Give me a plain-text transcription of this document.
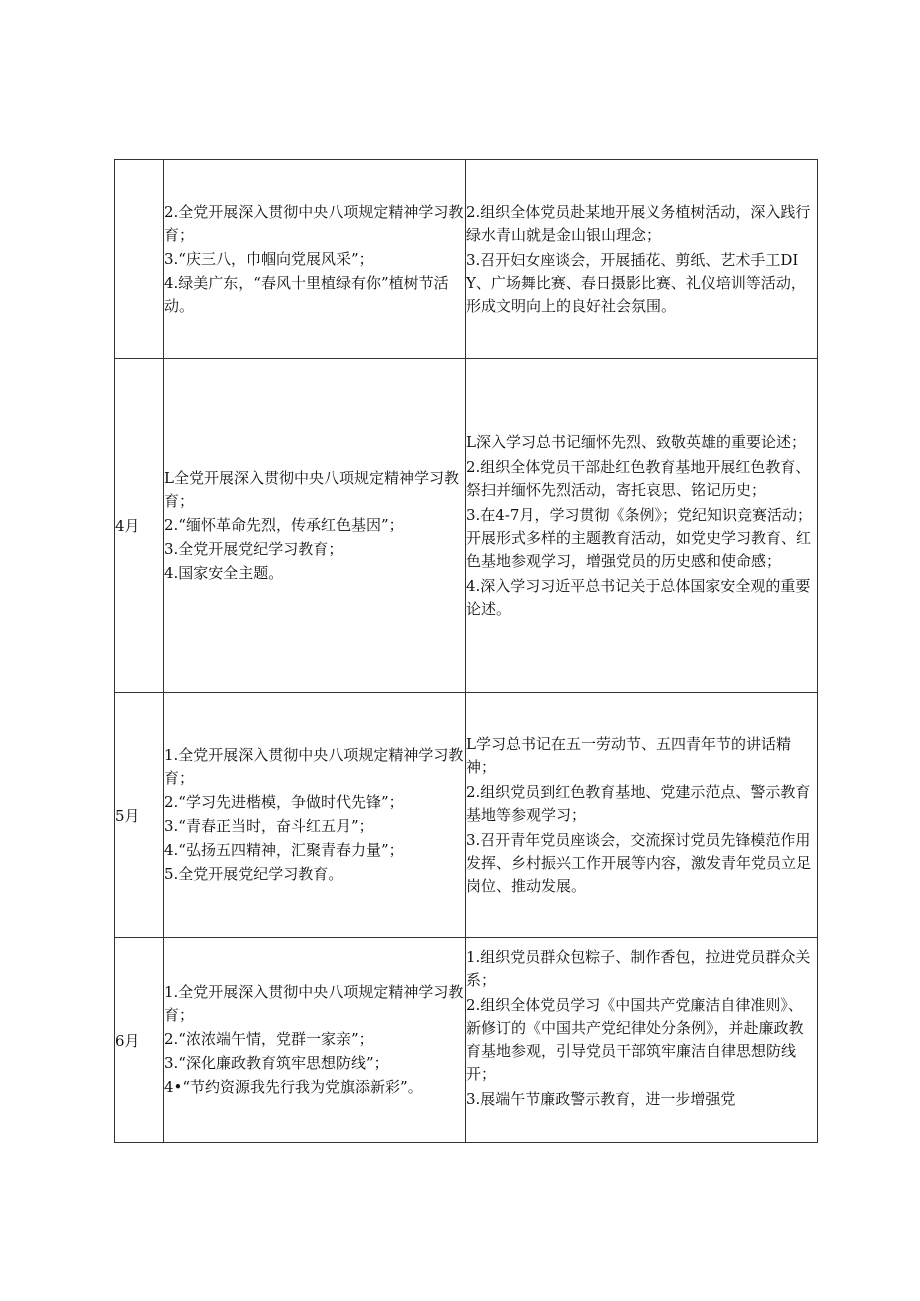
	2.全党开展深入贯彻中央八项规定精神学习教育；
3.“庆三八，巾帼向党展风采”；
4.绿美广东，“春风十里植绿有你”植树节活动。	2.组织全体党员赴某地开展义务植树活动，深入践行绿水青山就是金山银山理念；
3.召开妇女座谈会，开展插花、剪纸、艺术手工DIY、广场舞比赛、春日摄影比赛、礼仪培训等活动，形成文明向上的良好社会氛围。

4月	L全党开展深入贯彻中央八项规定精神学习教育；
2.“缅怀革命先烈，传承红色基因”；
3.全党开展党纪学习教育；
4.国家安全主题。	L深入学习总书记缅怀先烈、致敬英雄的重要论述；
2.组织全体党员干部赴红色教育基地开展红色教育、祭扫并缅怀先烈活动，寄托哀思、铭记历史；
3.在4-7月，学习贯彻《条例》；党纪知识竞赛活动；开展形式多样的主题教育活动，如党史学习教育、红色基地参观学习，增强党员的历史感和使命感；
4.深入学习习近平总书记关于总体国家安全观的重要论述。

5月	1.全党开展深入贯彻中央八项规定精神学习教育；
2.“学习先进楷模，争做时代先锋”；
3.“青春正当时，奋斗红五月”；
4.“弘扬五四精神，汇聚青春力量”；
5.全党开展党纪学习教育。	L学习总书记在五一劳动节、五四青年节的讲话精神；
2.组织党员到红色教育基地、党建示范点、警示教育基地等参观学习；
3.召开青年党员座谈会，交流探讨党员先锋模范作用发挥、乡村振兴工作开展等内容，激发青年党员立足岗位、推动发展。

6月	1.全党开展深入贯彻中央八项规定精神学习教育；
2.“浓浓端午情，党群一家亲”；
3.“深化廉政教育筑牢思想防线”；
4•“节约资源我先行我为党旗添新彩”。	1.组织党员群众包粽子、制作香包，拉进党员群众关系；
2.组织全体党员学习《中国共产党廉洁自律准则》、新修订的《中国共产党纪律处分条例》，并赴廉政教育基地参观，引导党员干部筑牢廉洁自律思想防线开；
3.展端午节廉政警示教育，进一步增强党
